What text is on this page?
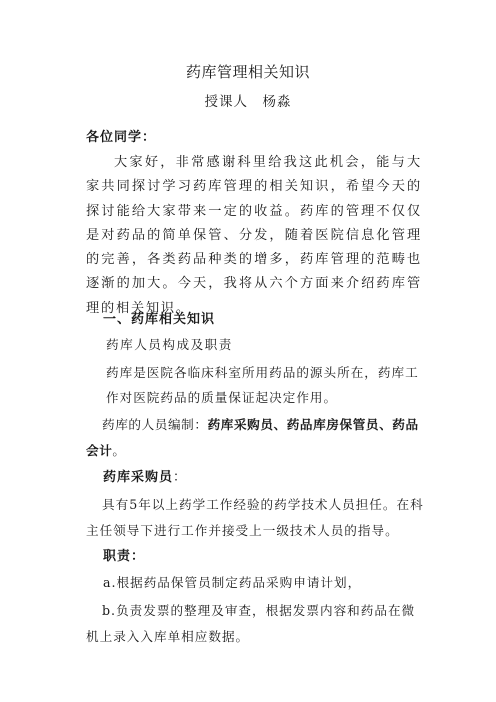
药库管理相关知识
授课人　杨淼
各位同学：
大家好，非常感谢科里给我这此机会，能与大家共同探讨学习药库管理的相关知识，希望今天的探讨能给大家带来一定的收益。药库的管理不仅仅是对药品的简单保管、分发，随着医院信息化管理的完善，各类药品种类的增多，药库管理的范畴也逐渐的加大。今天，我将从六个方面来介绍药库管理的相关知识。
一、药库相关知识
药库人员构成及职责
药库是医院各临床科室所用药品的源头所在，药库工作对医院药品的质量保证起决定作用。
药库的人员编制：药库采购员、药品库房保管员、药品会计。
药库采购员：
具有5年以上药学工作经验的药学技术人员担任。在科主任领导下进行工作并接受上一级技术人员的指导。
职责：
a.根据药品保管员制定药品采购申请计划，
b.负责发票的整理及审查，根据发票内容和药品在微机上录入入库单相应数据。
